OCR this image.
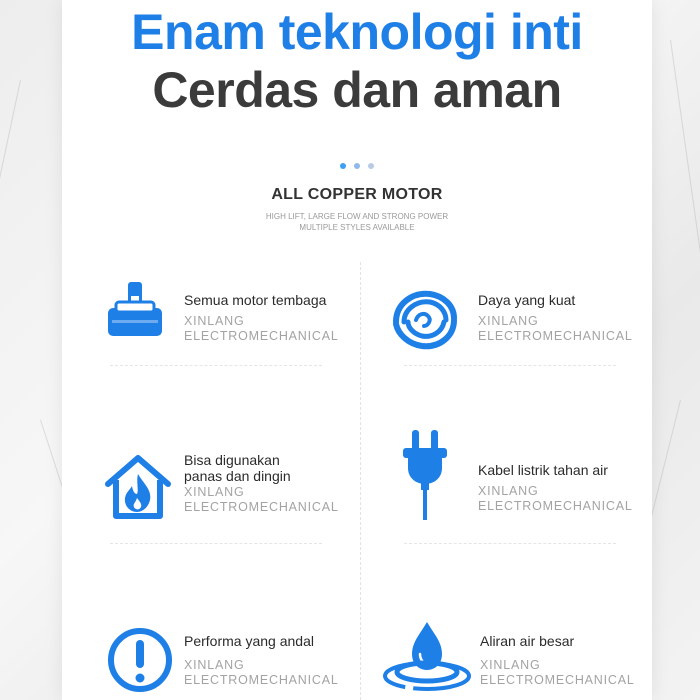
Enam teknologi inti
Cerdas dan aman
ALL COPPER MOTOR
HIGH LIFT, LARGE FLOW AND STRONG POWER
MULTIPLE STYLES AVAILABLE
Semua motor tembaga
XINLANG
ELECTROMECHANICAL
Daya yang kuat
XINLANG
ELECTROMECHANICAL
Bisa digunakan
panas dan dingin
XINLANG
ELECTROMECHANICAL
Kabel listrik tahan air
XINLANG
ELECTROMECHANICAL
Performa yang andal
XINLANG
ELECTROMECHANICAL
Aliran air besar
XINLANG
ELECTROMECHANICAL
